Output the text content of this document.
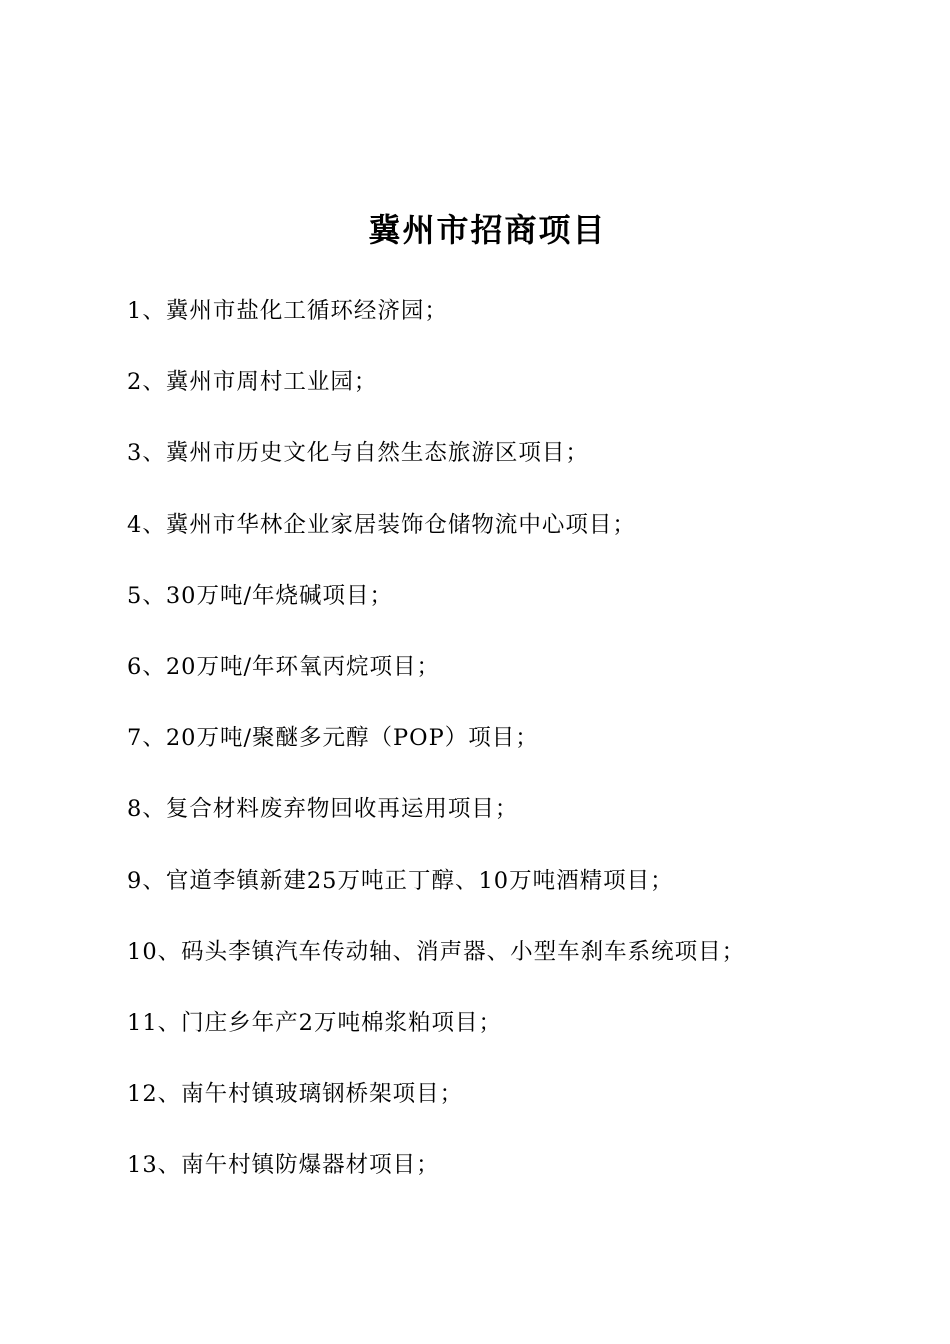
冀州市招商项目
1、冀州市盐化工循环经济园；
2、冀州市周村工业园；
3、冀州市历史文化与自然生态旅游区项目；
4、冀州市华林企业家居装饰仓储物流中心项目；
5、30万吨/年烧碱项目；
6、20万吨/年环氧丙烷项目；
7、20万吨/聚醚多元醇（POP）项目；
8、复合材料废弃物回收再运用项目；
9、官道李镇新建25万吨正丁醇、10万吨酒精项目；
10、码头李镇汽车传动轴、消声器、小型车刹车系统项目；
11、门庄乡年产2万吨棉浆粕项目；
12、南午村镇玻璃钢桥架项目；
13、南午村镇防爆器材项目；
